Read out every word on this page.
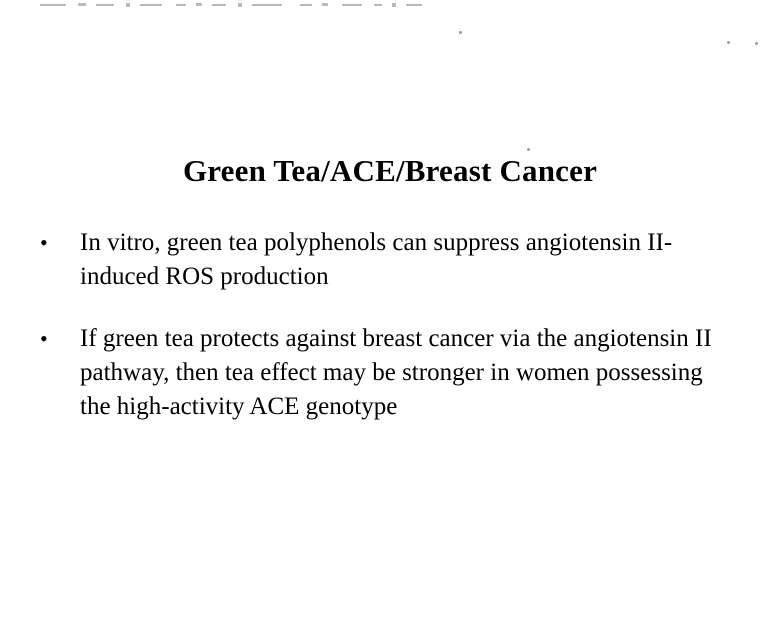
Green Tea/ACE/Breast Cancer
•	In vitro, green tea polyphenols can suppress angiotensin II-induced ROS production
•	If green tea protects against breast cancer via the angiotensin II pathway, then tea effect may be stronger in women possessing the high-activity ACE genotype
